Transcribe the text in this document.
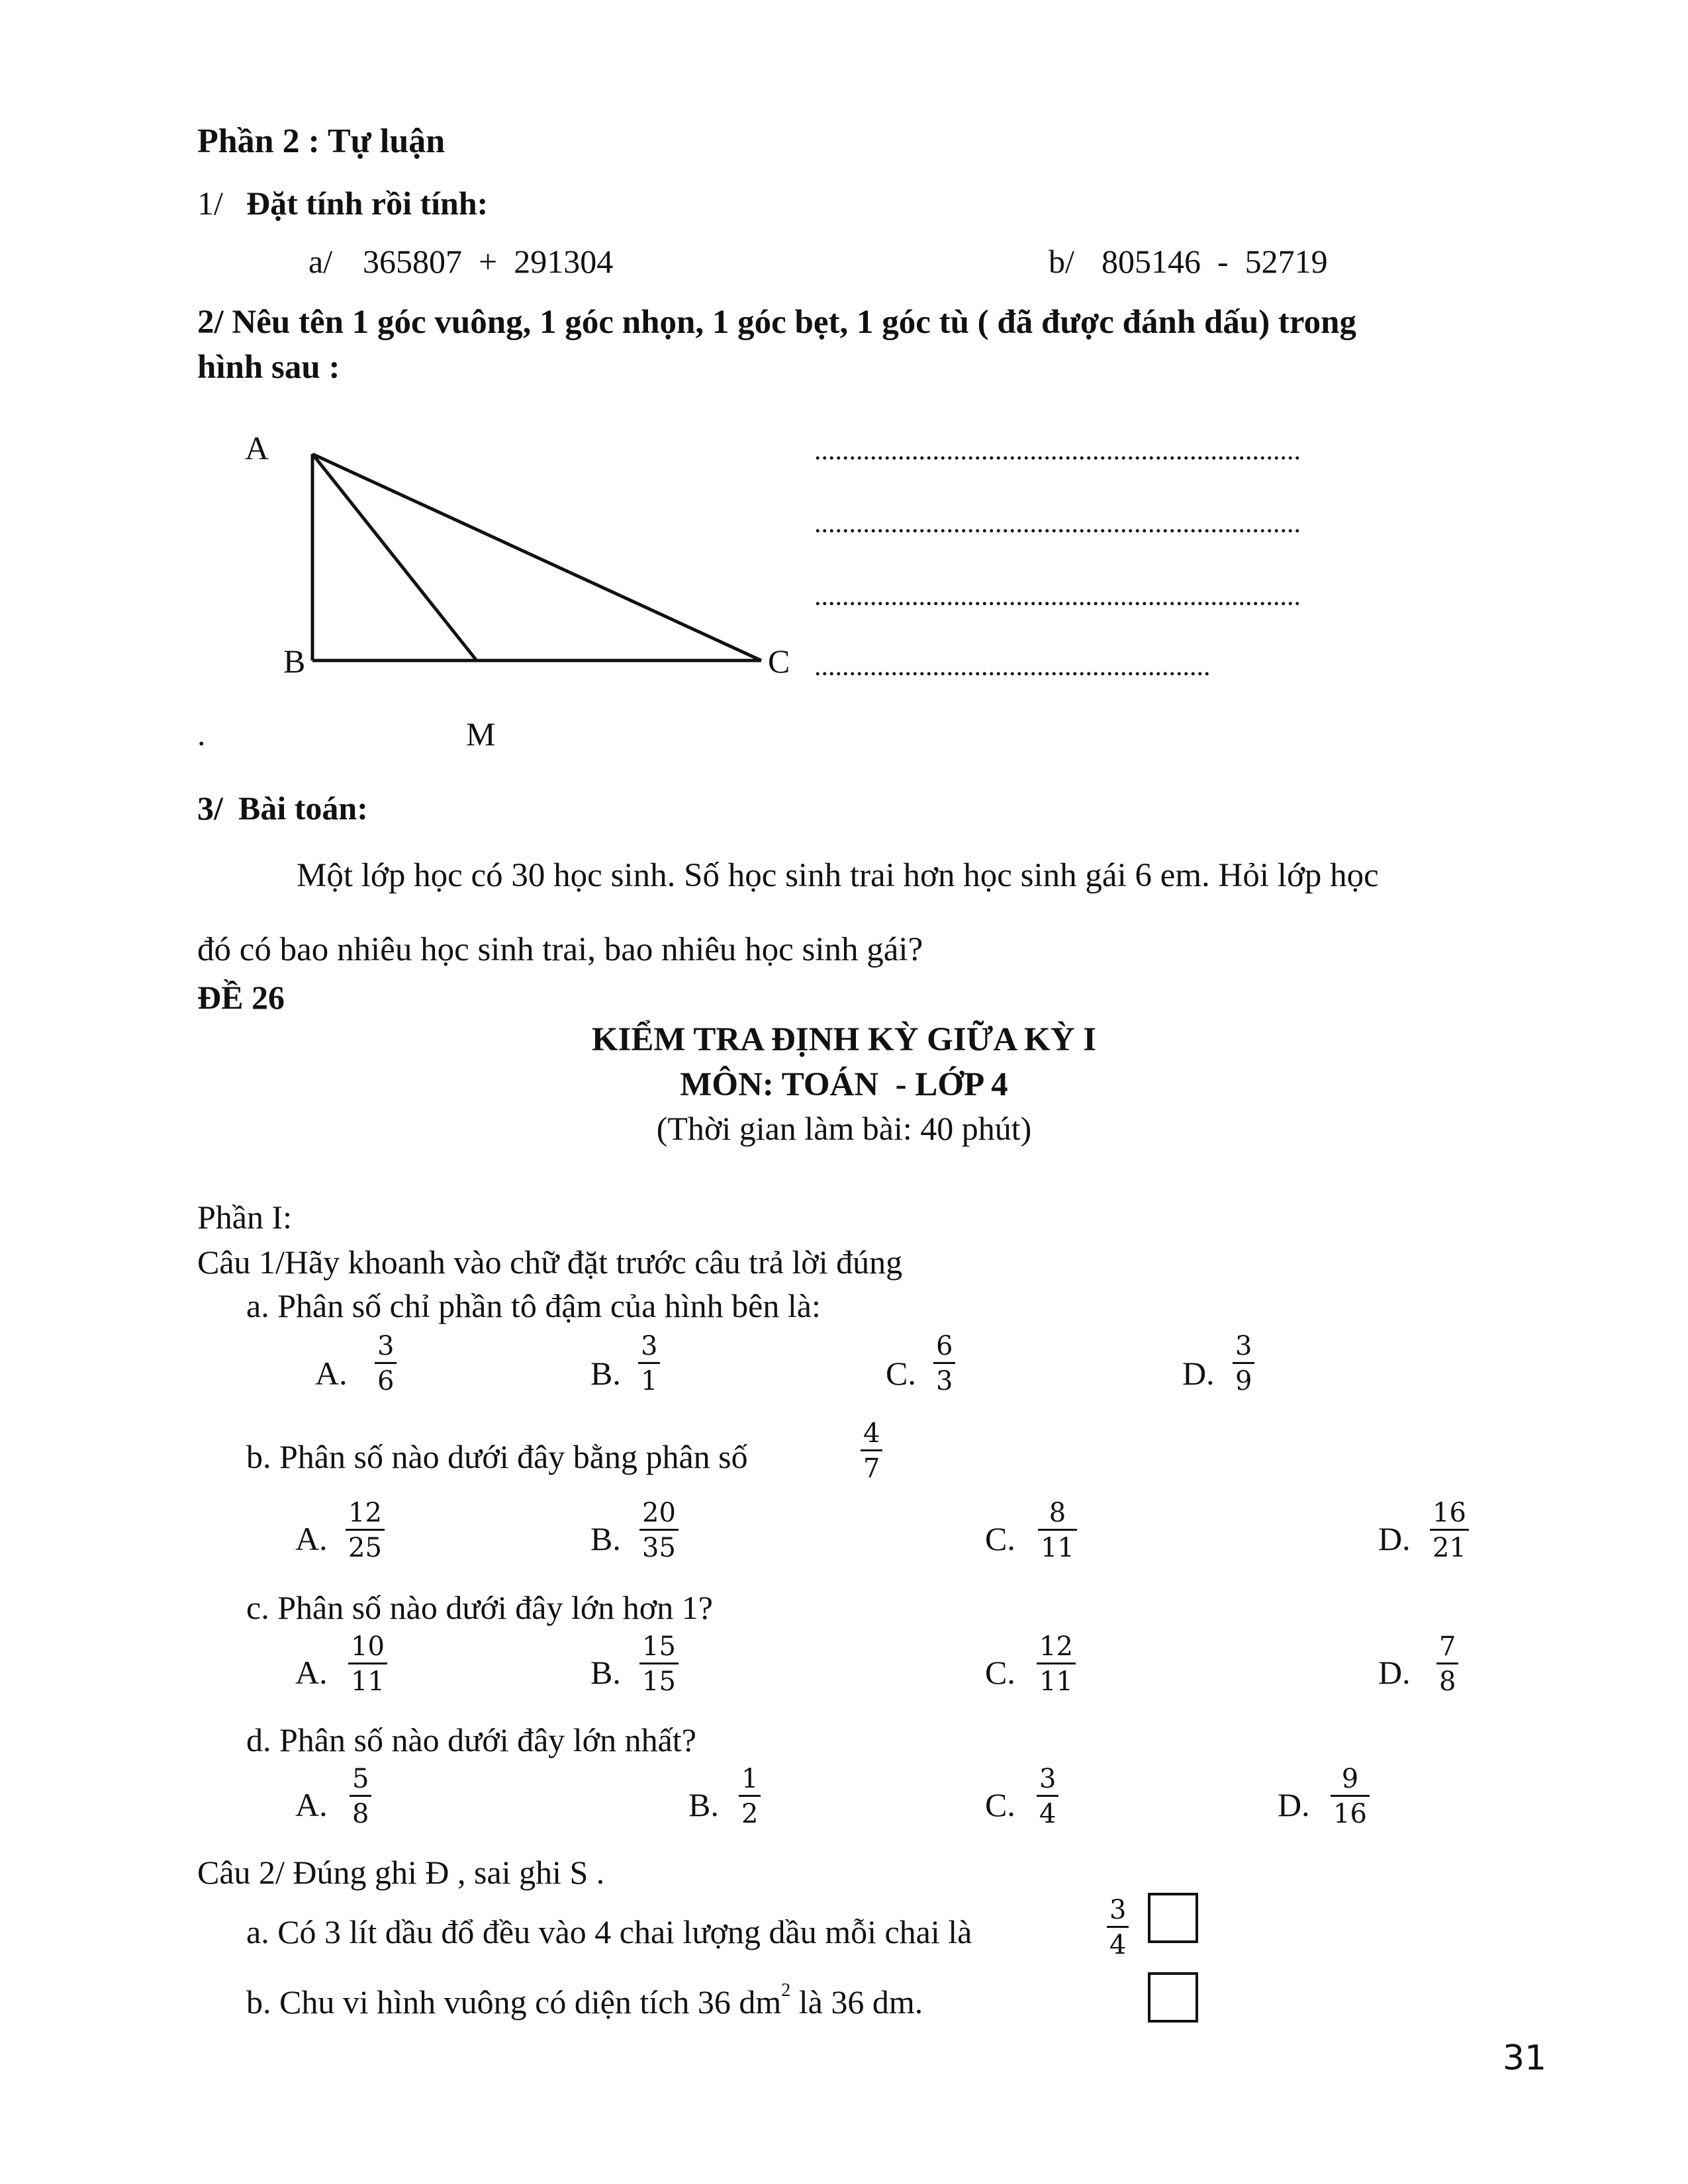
Phần 2 : Tự luận
1/ Đặt tính rồi tính:
a/ 365807  +  291304	b/ 805146  -  52719
2/ Nêu tên 1 góc vuông, 1 góc nhọn, 1 góc bẹt, 1 góc tù ( đã được đánh dấu) trong
hình sau :
A
B	C
M
.
......................................................................
......................................................................
......................................................................
.........................................................
3/ Bài toán:
Một lớp học có 30 học sinh. Số học sinh trai hơn học sinh gái 6 em. Hỏi lớp học
đó có bao nhiêu học sinh trai, bao nhiêu học sinh gái?
ĐỀ 26
KIỂM TRA ĐỊNH KỲ GIỮA KỲ I
MÔN: TOÁN  - LỚP 4
(Thời gian làm bài: 40 phút)
Phần I:
Câu 1/Hãy khoanh vào chữ đặt trước câu trả lời đúng
a. Phân số chỉ phần tô đậm của hình bên là:
A. $\frac{3}{6}$	B. $\frac{3}{1}$	C. $\frac{6}{3}$	D. $\frac{3}{9}$
b. Phân số nào dưới đây bằng phân số	$\frac{4}{7}$
A. $\frac{12}{25}$	B. $\frac{20}{35}$	C. $\frac{8}{11}$	D. $\frac{16}{21}$
c. Phân số nào dưới đây lớn hơn 1?
A. $\frac{10}{11}$	B. $\frac{15}{15}$	C. $\frac{12}{11}$	D. $\frac{7}{8}$
d. Phân số nào dưới đây lớn nhất?
A. $\frac{5}{8}$	B. $\frac{1}{2}$	C. $\frac{3}{4}$	D. $\frac{9}{16}$
Câu 2/ Đúng ghi Đ , sai ghi S .
a. Có 3 lít dầu đổ đều vào 4 chai lượng dầu mỗi chai là	$\frac{3}{4}$
b. Chu vi hình vuông có diện tích 36 $dm^2$ là 36 dm.
31
